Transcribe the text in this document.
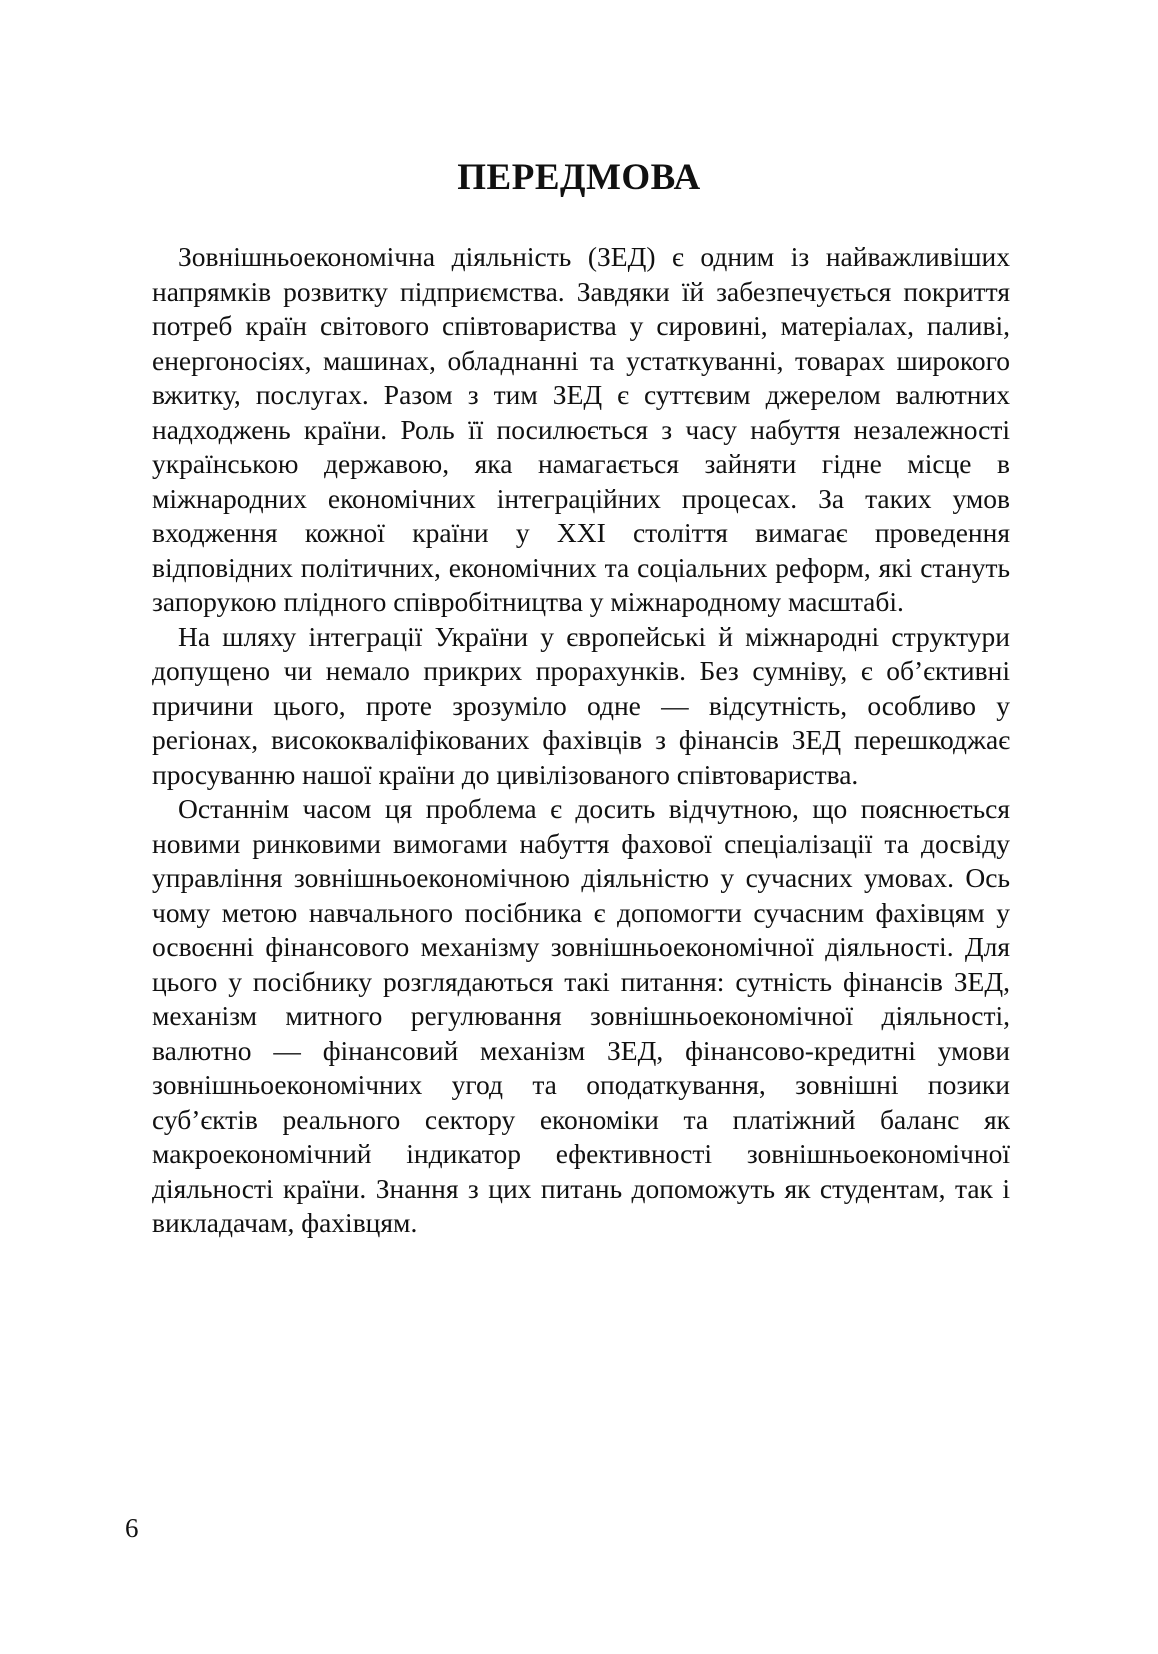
ПЕРЕДМОВА

Зовнішньоекономічна діяльність (ЗЕД) є одним із найважливіших напрямків розвитку підприємства. Завдяки їй забезпечується покриття потреб країн світового співтовариства у сировині, матеріалах, паливі, енергоносіях, машинах, обладнанні та устаткуванні, товарах широкого вжитку, послугах. Разом з тим ЗЕД є суттєвим джерелом валютних надходжень країни. Роль її посилюється з часу набуття незалежності українською державою, яка намагається зайняти гідне місце в міжнародних економічних інтеграційних процесах. За таких умов входження кожної країни у XXI століття вимагає проведення відповідних політичних, економічних та соціальних реформ, які стануть запорукою плідного співробітництва у міжнародному масштабі.

На шляху інтеграції України у європейські й міжнародні структури допущено чи немало прикрих прорахунків. Без сумніву, є об’єктивні причини цього, проте зрозуміло одне — відсутність, особливо у регіонах, висококваліфікованих фахівців з фінансів ЗЕД перешкоджає просуванню нашої країни до цивілізованого співтовариства.

Останнім часом ця проблема є досить відчутною, що пояснюється новими ринковими вимогами набуття фахової спеціалізації та досвіду управління зовнішньоекономічною діяльністю у сучасних умовах. Ось чому метою навчального посібника є допомогти сучасним фахівцям у освоєнні фінансового механізму зовнішньоекономічної діяльності. Для цього у посібнику розглядаються такі питання: сутність фінансів ЗЕД, механізм митного регулювання зовнішньоекономічної діяльності, валютно — фінансовий механізм ЗЕД, фінансово-кредитні умови зовнішньоекономічних угод та оподаткування, зовнішні позики суб’єктів реального сектору економіки та платіжний баланс як макроекономічний індикатор ефективності зовнішньоекономічної діяльності країни. Знання з цих питань допоможуть як студентам, так і викладачам, фахівцям.

6
